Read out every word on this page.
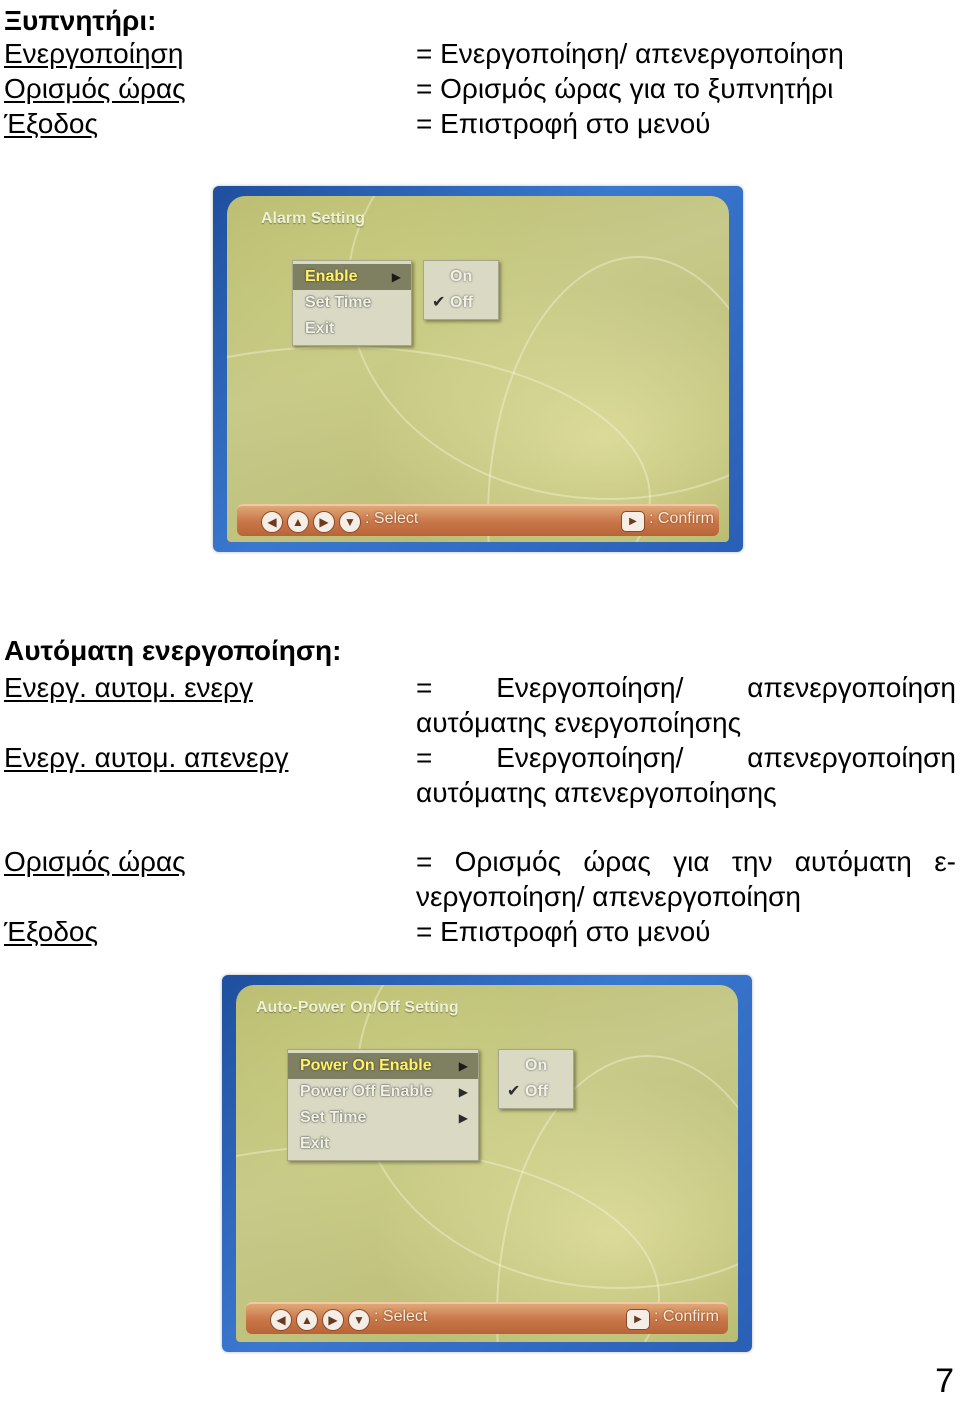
Ξυπνητήρι:
Ενεργοποίηση	= Ενεργοποίηση/ απενεργοποίηση
Ορισμός ώρας	= Ορισμός ώρας για το ξυπνητήρι
Έξοδος	= Επιστροφή στο μενού
Alarm Setting
Enable	▶
Set Time
Exit
On
✔ Off
◀	▲	▶	▼ : Select	▶ : Confirm
Αυτόματη ενεργοποίηση:
Ενεργ. αυτομ. ενεργ	= Ενεργοποίηση/ απενεργοποίηση αυτόματης ενεργοποίησης
Ενεργ. αυτομ. απενεργ	= Ενεργοποίηση/ απενεργοποίηση αυτόματης απενεργοποίησης
Ορισμός ώρας	= Ορισμός ώρας για την αυτόματη ε-νεργοποίηση/ απενεργοποίηση
Έξοδος	= Επιστροφή στο μενού
Auto-Power On/Off Setting
Power On Enable ▶
Power Off Enable ▶
Set Time	▶
Exit
On
✔ Off
◀	▲	▶	▼ : Select	▶ : Confirm
7
